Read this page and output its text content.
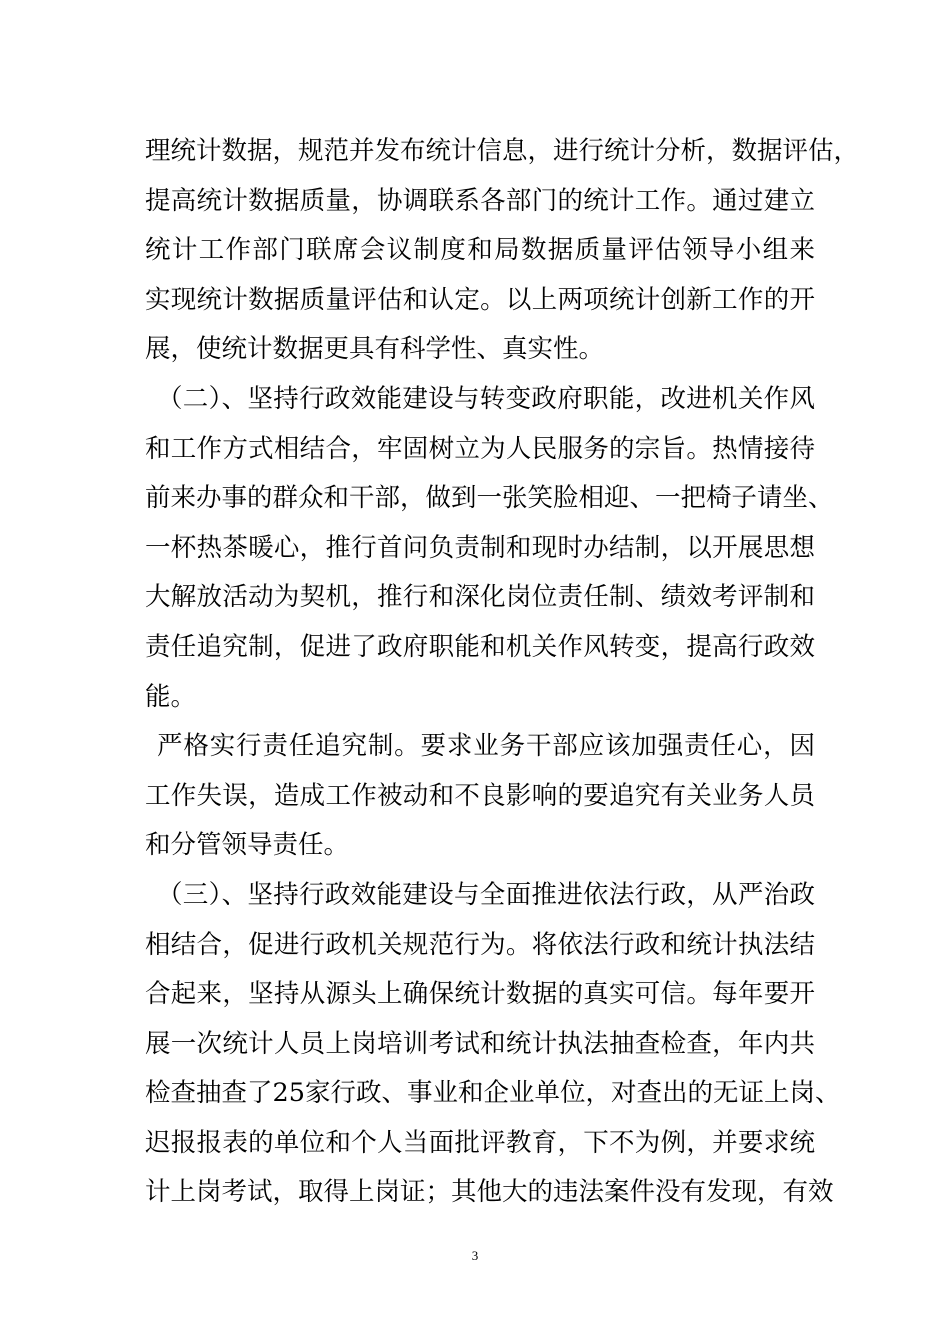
理统计数据，规范并发布统计信息，进行统计分析，数据评估，
提高统计数据质量，协调联系各部门的统计工作。通过建立
统计工作部门联席会议制度和局数据质量评估领导小组来
实现统计数据质量评估和认定。以上两项统计创新工作的开
展，使统计数据更具有科学性、真实性。
（二）、坚持行政效能建设与转变政府职能，改进机关作风
和工作方式相结合，牢固树立为人民服务的宗旨。热情接待
前来办事的群众和干部，做到一张笑脸相迎、一把椅子请坐、
一杯热茶暖心，推行首问负责制和现时办结制，以开展思想
大解放活动为契机，推行和深化岗位责任制、绩效考评制和
责任追究制，促进了政府职能和机关作风转变，提高行政效
能。
严格实行责任追究制。要求业务干部应该加强责任心，因
工作失误，造成工作被动和不良影响的要追究有关业务人员
和分管领导责任。
（三）、坚持行政效能建设与全面推进依法行政，从严治政
相结合，促进行政机关规范行为。将依法行政和统计执法结
合起来，坚持从源头上确保统计数据的真实可信。每年要开
展一次统计人员上岗培训考试和统计执法抽查检查，年内共
检查抽查了25家行政、事业和企业单位，对查出的无证上岗、
迟报报表的单位和个人当面批评教育，下不为例，并要求统
计上岗考试，取得上岗证；其他大的违法案件没有发现，有效
3
